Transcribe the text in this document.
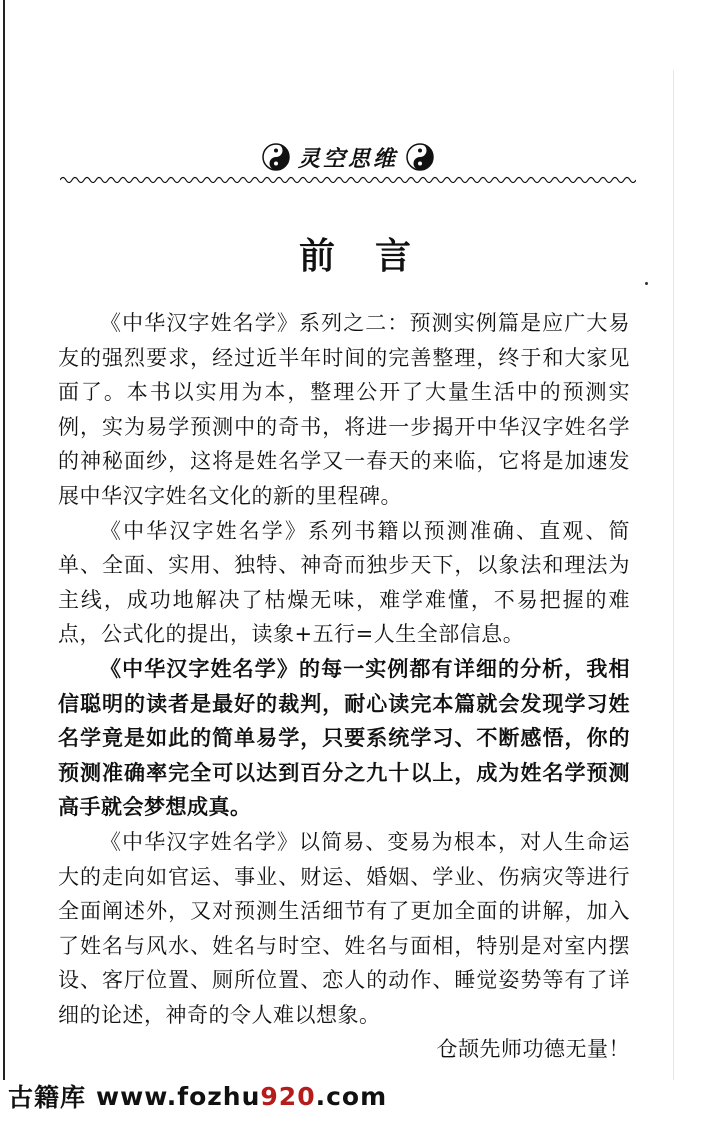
灵空思维
前言

《中华汉字姓名学》系列之二：预测实例篇是应广大易友的强烈要求，经过近半年时间的完善整理，终于和大家见面了。本书以实用为本，整理公开了大量生活中的预测实例，实为易学预测中的奇书，将进一步揭开中华汉字姓名学的神秘面纱，这将是姓名学又一春天的来临，它将是加速发展中华汉字姓名文化的新的里程碑。

《中华汉字姓名学》系列书籍以预测准确、直观、简单、全面、实用、独特、神奇而独步天下，以象法和理法为主线，成功地解决了枯燥无味，难学难懂，不易把握的难点，公式化的提出，读象+五行=人生全部信息。

《中华汉字姓名学》的每一实例都有详细的分析，我相信聪明的读者是最好的裁判，耐心读完本篇就会发现学习姓名学竟是如此的简单易学，只要系统学习、不断感悟，你的预测准确率完全可以达到百分之九十以上，成为姓名学预测高手就会梦想成真。

《中华汉字姓名学》以简易、变易为根本，对人生命运大的走向如官运、事业、财运、婚姻、学业、伤病灾等进行全面阐述外，又对预测生活细节有了更加全面的讲解，加入了姓名与风水、姓名与时空、姓名与面相，特别是对室内摆设、客厅位置、厕所位置、恋人的动作、睡觉姿势等有了详细的论述，神奇的令人难以想象。

仓颉先师功德无量！

古籍库 www.fozhu920.com
